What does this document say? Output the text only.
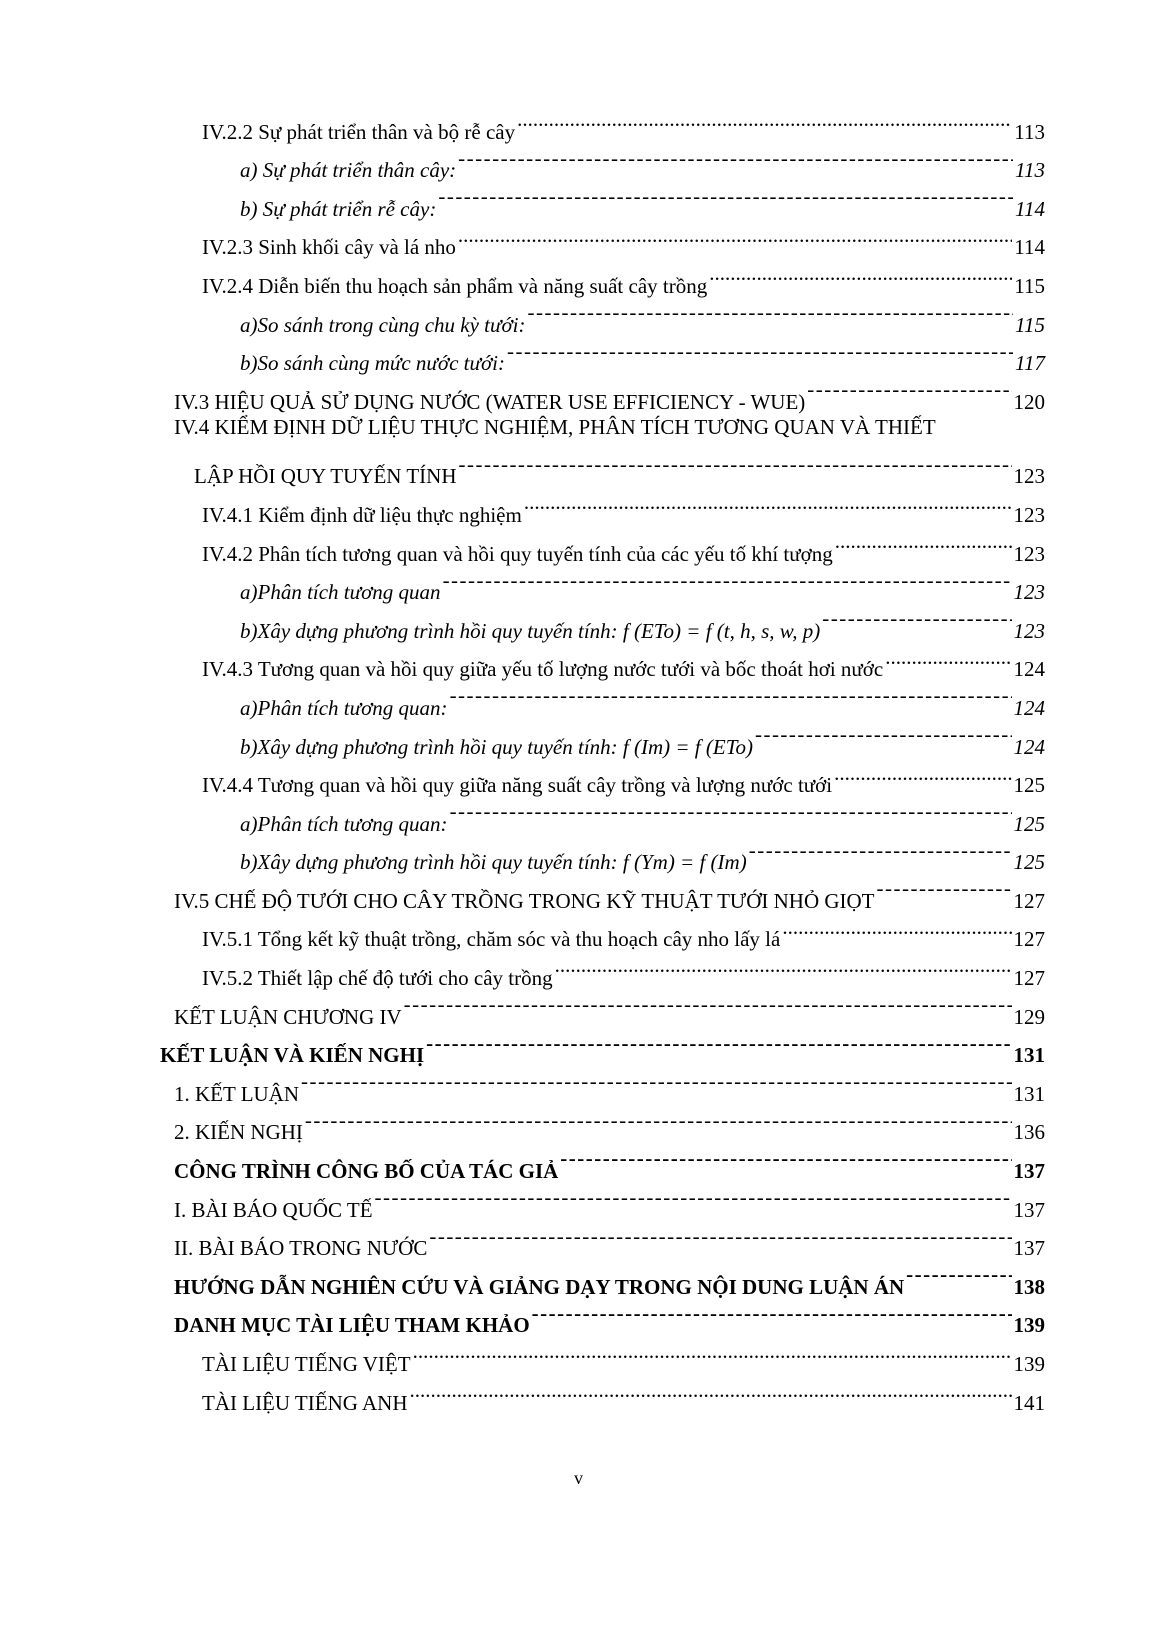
IV.2.2 Sự phát triển thân và bộ rễ cây .....	113
a) Sự phát triển thân cây: -----	113
b) Sự phát triển rễ cây: -----	114
IV.2.3 Sinh khối cây và lá nho .....	114
IV.2.4 Diễn biến thu hoạch sản phẩm và năng suất cây trồng .....	115
a)So sánh trong cùng chu kỳ tưới: -----	115
b)So sánh cùng mức nước tưới: -----	117
IV.3 HIỆU QUẢ SỬ DỤNG NƯỚC (WATER USE EFFICIENCY - WUE) -----	120
IV.4 KIỂM ĐỊNH DỮ LIỆU THỰC NGHIỆM, PHÂN TÍCH TƯƠNG QUAN VÀ THIẾT
LẬP HỒI QUY TUYẾN TÍNH -----	123
IV.4.1 Kiểm định dữ liệu thực nghiệm .....	123
IV.4.2 Phân tích tương quan và hồi quy tuyến tính của các yếu tố khí tượng .....	123
a)Phân tích tương quan -----	123
b)Xây dựng phương trình hồi quy tuyến tính: f (ETo) = f (t, h, s, w, p) -----	123
IV.4.3 Tương quan và hồi quy giữa yếu tố lượng nước tưới và bốc thoát hơi nước .....	124
a)Phân tích tương quan: -----	124
b)Xây dựng phương trình hồi quy tuyến tính: f (Im) = f (ETo) -----	124
IV.4.4 Tương quan và hồi quy giữa năng suất cây trồng và lượng nước tưới .....	125
a)Phân tích tương quan: -----	125
b)Xây dựng phương trình hồi quy tuyến tính: f (Ym) = f (Im) -----	125
IV.5 CHẾ ĐỘ TƯỚI CHO CÂY TRỒNG TRONG KỸ THUẬT TƯỚI NHỎ GIỌT -----	127
IV.5.1 Tổng kết kỹ thuật trồng, chăm sóc và thu hoạch cây nho lấy lá .....	127
IV.5.2 Thiết lập chế độ tưới cho cây trồng .....	127
KẾT LUẬN CHƯƠNG IV -----	129
KẾT LUẬN VÀ KIẾN NGHỊ -----	131
1. KẾT LUẬN -----	131
2. KIẾN NGHỊ -----	136
CÔNG TRÌNH CÔNG BỐ CỦA TÁC GIẢ -----	137
I. BÀI BÁO QUỐC TẾ -----	137
II. BÀI BÁO TRONG NƯỚC -----	137
HƯỚNG DẪN NGHIÊN CỨU VÀ GIẢNG DẠY TRONG NỘI DUNG LUẬN ÁN -----	138
DANH MỤC TÀI LIỆU THAM KHẢO -----	139
TÀI LIỆU TIẾNG VIỆT .....	139
TÀI LIỆU TIẾNG ANH .....	141
v
